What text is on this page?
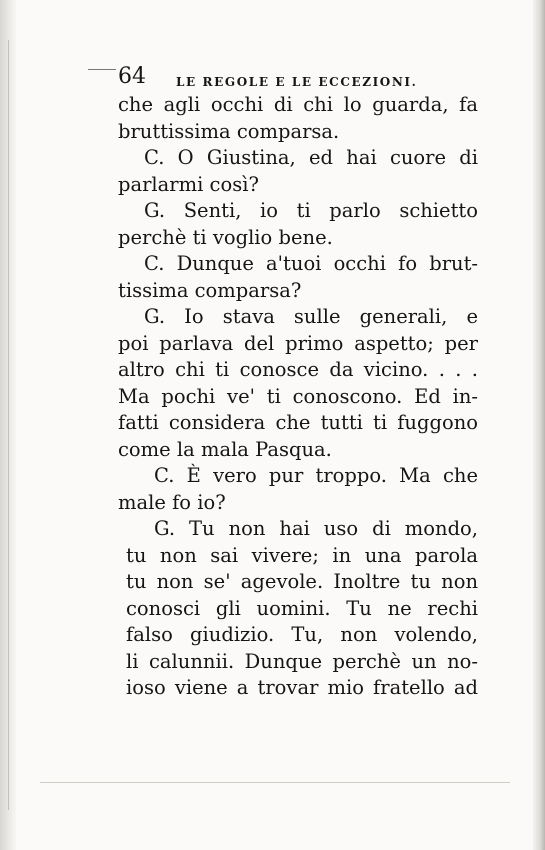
64	LE REGOLE E LE ECCEZIONI.
che agli occhi di chi lo guarda, fa
bruttissima comparsa.
C. O Giustina, ed hai cuore di
parlarmi così?
G. Senti, io ti parlo schietto
perchè ti voglio bene.
C. Dunque a'tuoi occhi fo brut-
tissima comparsa?
G. Io stava sulle generali, e
poi parlava del primo aspetto; per
altro chi ti conosce da vicino. . . .
Ma pochi ve' ti conoscono. Ed in-
fatti considera che tutti ti fuggono
come la mala Pasqua.
C. È vero pur troppo. Ma che
male fo io?
G. Tu non hai uso di mondo,
tu non sai vivere; in una parola
tu non se' agevole. Inoltre tu non
conosci gli uomini. Tu ne rechi
falso giudizio. Tu, non volendo,
li calunnii. Dunque perchè un no-
ioso viene a trovar mio fratello ad
